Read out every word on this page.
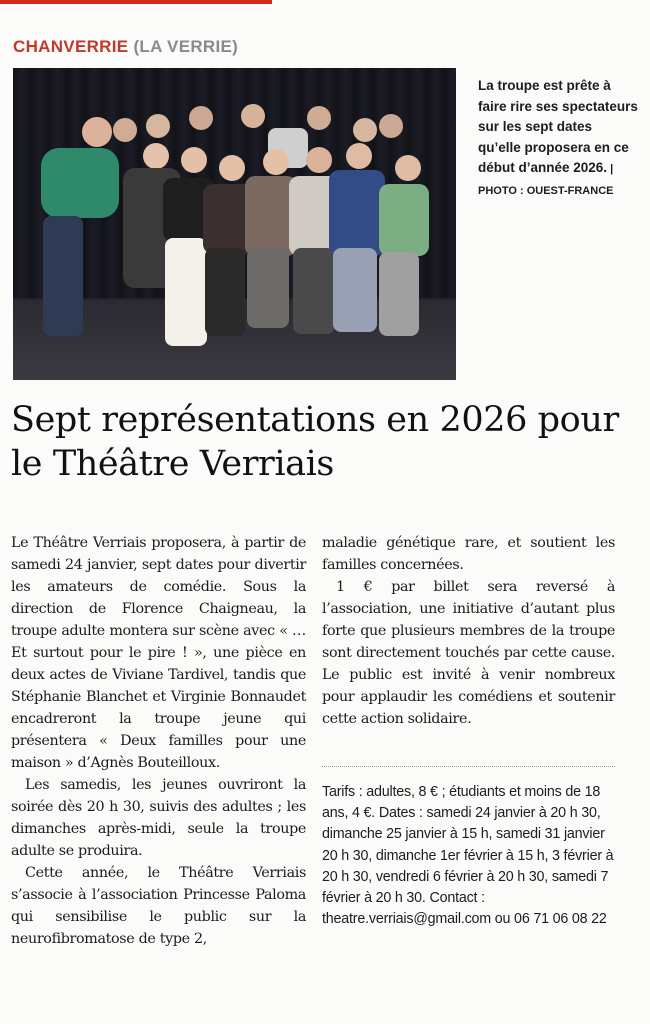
CHANVERRIE (LA VERRIE)
La troupe est prête à faire rire ses spectateurs sur les sept dates qu’elle proposera en ce début d’année 2026. | PHOTO : OUEST-FRANCE
Sept représentations en 2026 pour le Théâtre Verriais

Le Théâtre Verriais proposera, à partir de samedi 24 janvier, sept dates pour divertir les amateurs de comédie. Sous la direction de Florence Chaigneau, la troupe adulte montera sur scène avec « … Et surtout pour le pire ! », une pièce en deux actes de Viviane Tardivel, tandis que Stéphanie Blanchet et Virginie Bonnaudet encadreront la troupe jeune qui présentera « Deux familles pour une maison » d’Agnès Bouteilloux.

Les samedis, les jeunes ouvriront la soirée dès 20 h 30, suivis des adultes ; les dimanches après-midi, seule la troupe adulte se produira.

Cette année, le Théâtre Verriais s’associe à l’association Princesse Paloma qui sensibilise le public sur la neurofibromatose de type 2,

maladie génétique rare, et soutient les familles concernées.

1 € par billet sera reversé à l’association, une initiative d’autant plus forte que plusieurs membres de la troupe sont directement touchés par cette cause. Le public est invité à venir nombreux pour applaudir les comédiens et soutenir cette action solidaire.

Tarifs : adultes, 8 € ; étudiants et moins de 18 ans, 4 €. Dates : samedi 24 janvier à 20 h 30, dimanche 25 janvier à 15 h, samedi 31 janvier 20 h 30, dimanche 1er février à 15 h, 3 février à 20 h 30, vendredi 6 février à 20 h 30, samedi 7 février à 20 h 30. Contact : theatre.verriais@gmail.com ou 06 71 06 08 22
